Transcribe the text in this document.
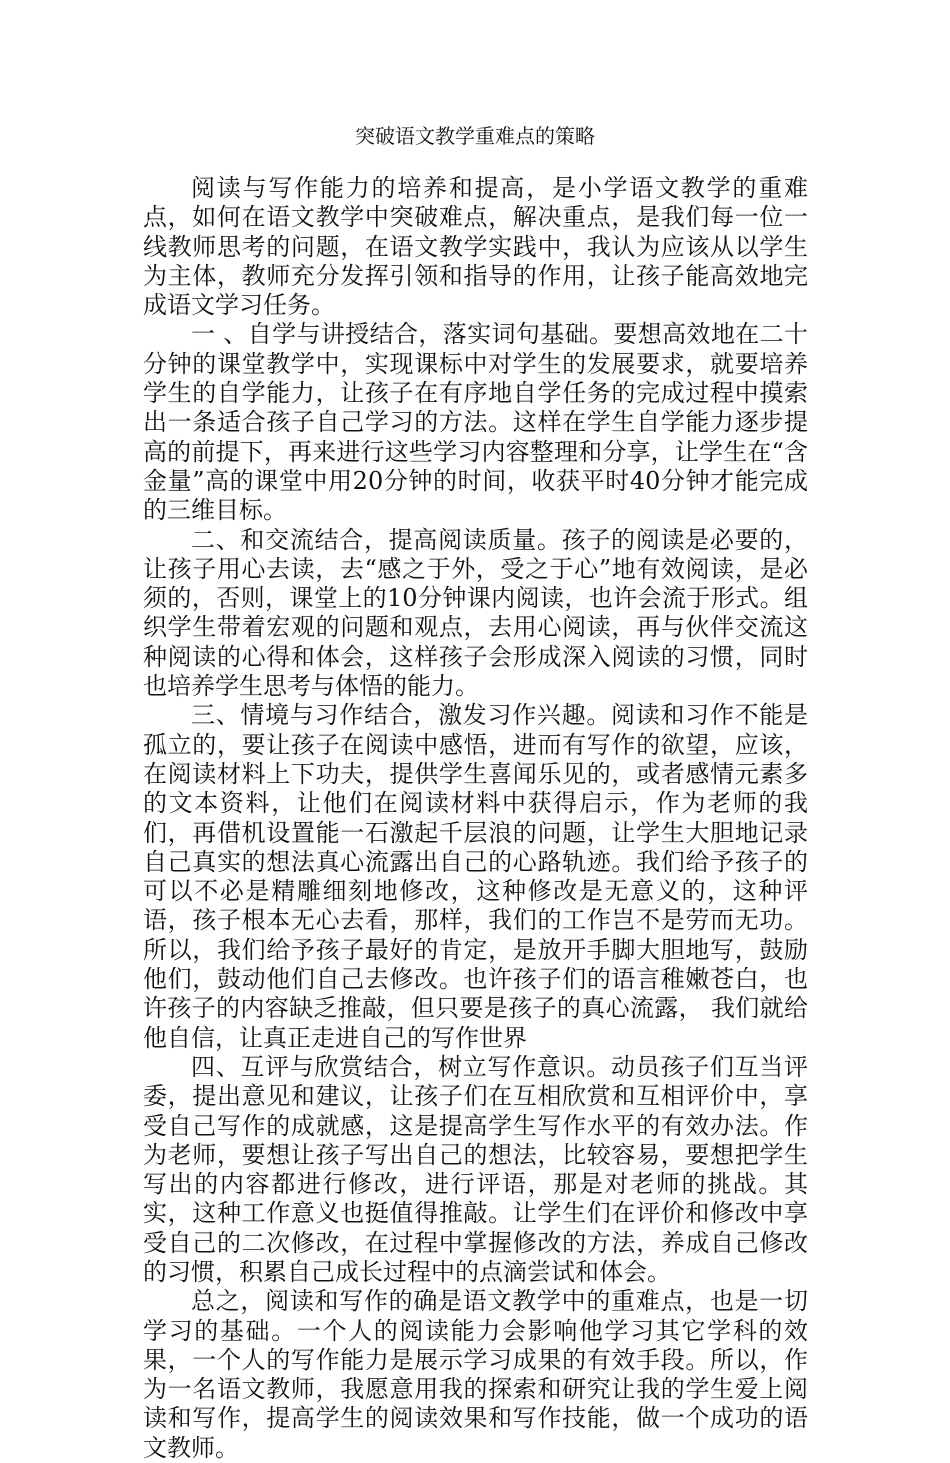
突破语文教学重难点的策略

阅读与写作能力的培养和提高，是小学语文教学的重难点，如何在语文教学中突破难点，解决重点，是我们每一位一线教师思考的问题，在语文教学实践中，我认为应该从以学生为主体，教师充分发挥引领和指导的作用，让孩子能高效地完成语文学习任务。

一 、自学与讲授结合，落实词句基础。要想高效地在二十分钟的课堂教学中，实现课标中对学生的发展要求，就要培养学生的自学能力，让孩子在有序地自学任务的完成过程中摸索出一条适合孩子自己学习的方法。这样在学生自学能力逐步提高的前提下，再来进行这些学习内容整理和分享，让学生在“含金量”高的课堂中用20分钟的时间，收获平时40分钟才能完成的三维目标。

二、和交流结合，提高阅读质量。孩子的阅读是必要的，让孩子用心去读，去“感之于外，受之于心”地有效阅读，是必须的，否则，课堂上的10分钟课内阅读，也许会流于形式。组织学生带着宏观的问题和观点，去用心阅读，再与伙伴交流这种阅读的心得和体会，这样孩子会形成深入阅读的习惯，同时也培养学生思考与体悟的能力。

三、情境与习作结合，激发习作兴趣。阅读和习作不能是孤立的，要让孩子在阅读中感悟，进而有写作的欲望，应该，在阅读材料上下功夫，提供学生喜闻乐见的，或者感情元素多的文本资料，让他们在阅读材料中获得启示，作为老师的我们，再借机设置能一石激起千层浪的问题，让学生大胆地记录自己真实的想法真心流露出自己的心路轨迹。我们给予孩子的可以不必是精雕细刻地修改，这种修改是无意义的，这种评语，孩子根本无心去看，那样，我们的工作岂不是劳而无功。所以，我们给予孩子最好的肯定，是放开手脚大胆地写，鼓励他们，鼓动他们自己去修改。也许孩子们的语言稚嫩苍白，也许孩子的内容缺乏推敲，但只要是孩子的真心流露， 我们就给他自信，让真正走进自己的写作世界

四、互评与欣赏结合，树立写作意识。动员孩子们互当评委，提出意见和建议，让孩子们在互相欣赏和互相评价中，享受自己写作的成就感，这是提高学生写作水平的有效办法。作为老师，要想让孩子写出自己的想法，比较容易，要想把学生写出的内容都进行修改，进行评语，那是对老师的挑战。其实，这种工作意义也挺值得推敲。让学生们在评价和修改中享受自己的二次修改，在过程中掌握修改的方法，养成自己修改的习惯，积累自己成长过程中的点滴尝试和体会。

总之，阅读和写作的确是语文教学中的重难点，也是一切学习的基础。一个人的阅读能力会影响他学习其它学科的效果，一个人的写作能力是展示学习成果的有效手段。所以，作为一名语文教师，我愿意用我的探索和研究让我的学生爱上阅读和写作，提高学生的阅读效果和写作技能，做一个成功的语文教师。
